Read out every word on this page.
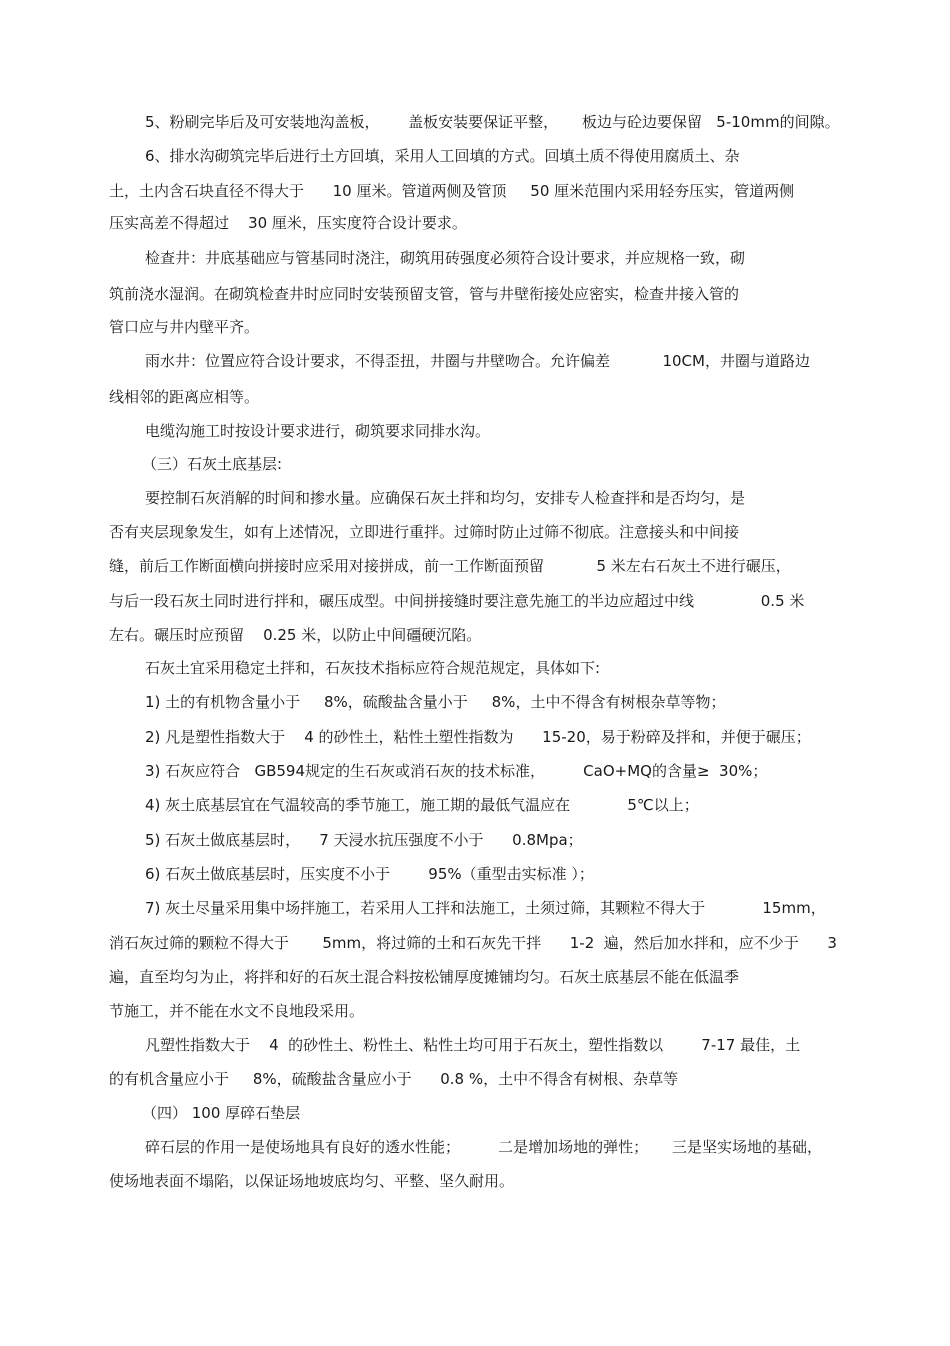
5、粉刷完毕后及可安装地沟盖板，      盖板安装要保证平整，     板边与砼边要保留   5-10mm的间隙。
6、排水沟砌筑完毕后进行土方回填，采用人工回填的方式。回填土质不得使用腐质土、杂
土，土内含石块直径不得大于      10 厘米。管道两侧及管顶     50 厘米范围内采用轻夯压实，管道两侧
压实高差不得超过    30 厘米，压实度符合设计要求。
检查井：井底基础应与管基同时浇注，砌筑用砖强度必须符合设计要求，并应规格一致，砌
筑前浇水湿润。在砌筑检查井时应同时安装预留支管，管与井壁衔接处应密实，检查井接入管的
管口应与井内壁平齐。
雨水井：位置应符合设计要求，不得歪扭，井圈与井壁吻合。允许偏差           10CM，井圈与道路边
线相邻的距离应相等。
电缆沟施工时按设计要求进行，砌筑要求同排水沟。
（三）石灰土底基层:
要控制石灰消解的时间和掺水量。应确保石灰土拌和均匀，安排专人检查拌和是否均匀，是
否有夹层现象发生，如有上述情况，立即进行重拌。过筛时防止过筛不彻底。注意接头和中间接
缝，前后工作断面横向拼接时应采用对接拼成，前一工作断面预留           5 米左右石灰土不进行碾压，
与后一段石灰土同时进行拌和，碾压成型。中间拼接缝时要注意先施工的半边应超过中线              0.5 米
左右。碾压时应预留    0.25 米，以防止中间礓硬沉陷。
石灰土宜采用稳定土拌和，石灰技术指标应符合规范规定，具体如下:
1) 土的有机物含量小于     8%，硫酸盐含量小于     8%，土中不得含有树根杂草等物；
2) 凡是塑性指数大于    4 的砂性土，粘性土塑性指数为      15-20，易于粉碎及拌和，并便于碾压；
3) 石灰应符合   GB594规定的生石灰或消石灰的技术标准，        CaO+MQ的含量≥  30%；
4) 灰土底基层宜在气温较高的季节施工，施工期的最低气温应在            5℃以上；
5) 石灰土做底基层时，    7 天浸水抗压强度不小于      0.8Mpa；
6) 石灰土做底基层时，压实度不小于        95%（重型击实标准 ）；
7) 灰土尽量采用集中场拌施工，若采用人工拌和法施工，土须过筛，其颗粒不得大于            15mm，
消石灰过筛的颗粒不得大于       5mm，将过筛的土和石灰先干拌      1-2  遍，然后加水拌和，应不少于      3
遍，直至均匀为止，将拌和好的石灰土混合料按松铺厚度摊铺均匀。石灰土底基层不能在低温季
节施工，并不能在水文不良地段采用。
凡塑性指数大于    4  的砂性土、粉性土、粘性土均可用于石灰土，塑性指数以        7-17 最佳，土
的有机含量应小于     8%，硫酸盐含量应小于      0.8 %，土中不得含有树根、杂草等
（四） 100 厚碎石垫层
碎石层的作用一是使场地具有良好的透水性能；        二是增加场地的弹性；     三是坚实场地的基础，
使场地表面不塌陷，以保证场地坡底均匀、平整、坚久耐用。
